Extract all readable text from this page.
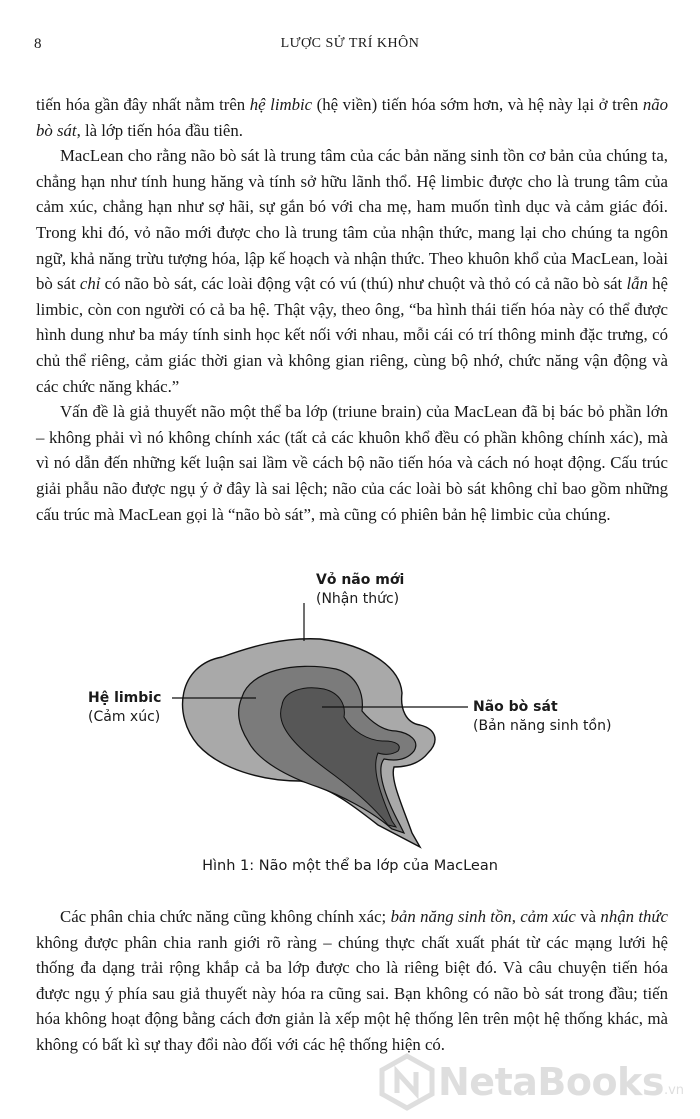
8	LƯỢC SỬ TRÍ KHÔN

tiến hóa gần đây nhất nằm trên hệ limbic (hệ viền) tiến hóa sớm hơn, và hệ này lại ở trên não bò sát, là lớp tiến hóa đầu tiên.

MacLean cho rằng não bò sát là trung tâm của các bản năng sinh tồn cơ bản của chúng ta, chẳng hạn như tính hung hăng và tính sở hữu lãnh thổ. Hệ limbic được cho là trung tâm của cảm xúc, chẳng hạn như sợ hãi, sự gắn bó với cha mẹ, ham muốn tình dục và cảm giác đói. Trong khi đó, vỏ não mới được cho là trung tâm của nhận thức, mang lại cho chúng ta ngôn ngữ, khả năng trừu tượng hóa, lập kế hoạch và nhận thức. Theo khuôn khổ của MacLean, loài bò sát chỉ có não bò sát, các loài động vật có vú (thú) như chuột và thỏ có cả não bò sát lẫn hệ limbic, còn con người có cả ba hệ. Thật vậy, theo ông, “ba hình thái tiến hóa này có thể được hình dung như ba máy tính sinh học kết nối với nhau, mỗi cái có trí thông minh đặc trưng, có chủ thể riêng, cảm giác thời gian và không gian riêng, cùng bộ nhớ, chức năng vận động và các chức năng khác.”

Vấn đề là giả thuyết não một thể ba lớp (triune brain) của MacLean đã bị bác bỏ phần lớn – không phải vì nó không chính xác (tất cả các khuôn khổ đều có phần không chính xác), mà vì nó dẫn đến những kết luận sai lầm về cách bộ não tiến hóa và cách nó hoạt động. Cấu trúc giải phẫu não được ngụ ý ở đây là sai lệch; não của các loài bò sát không chỉ bao gồm những cấu trúc mà MacLean gọi là “não bò sát”, mà cũng có phiên bản hệ limbic của chúng.

Vỏ não mới
(Nhận thức)
Hệ limbic
(Cảm xúc)
Não bò sát
(Bản năng sinh tồn)
Hình 1: Não một thể ba lớp của MacLean

Các phân chia chức năng cũng không chính xác; bản năng sinh tồn, cảm xúc và nhận thức không được phân chia ranh giới rõ ràng – chúng thực chất xuất phát từ các mạng lưới hệ thống đa dạng trải rộng khắp cả ba lớp được cho là riêng biệt đó. Và câu chuyện tiến hóa được ngụ ý phía sau giả thuyết này hóa ra cũng sai. Bạn không có não bò sát trong đầu; tiến hóa không hoạt động bằng cách đơn giản là xếp một hệ thống lên trên một hệ thống khác, mà không có bất kì sự thay đổi nào đối với các hệ thống hiện có.

NetaBooks .vn
